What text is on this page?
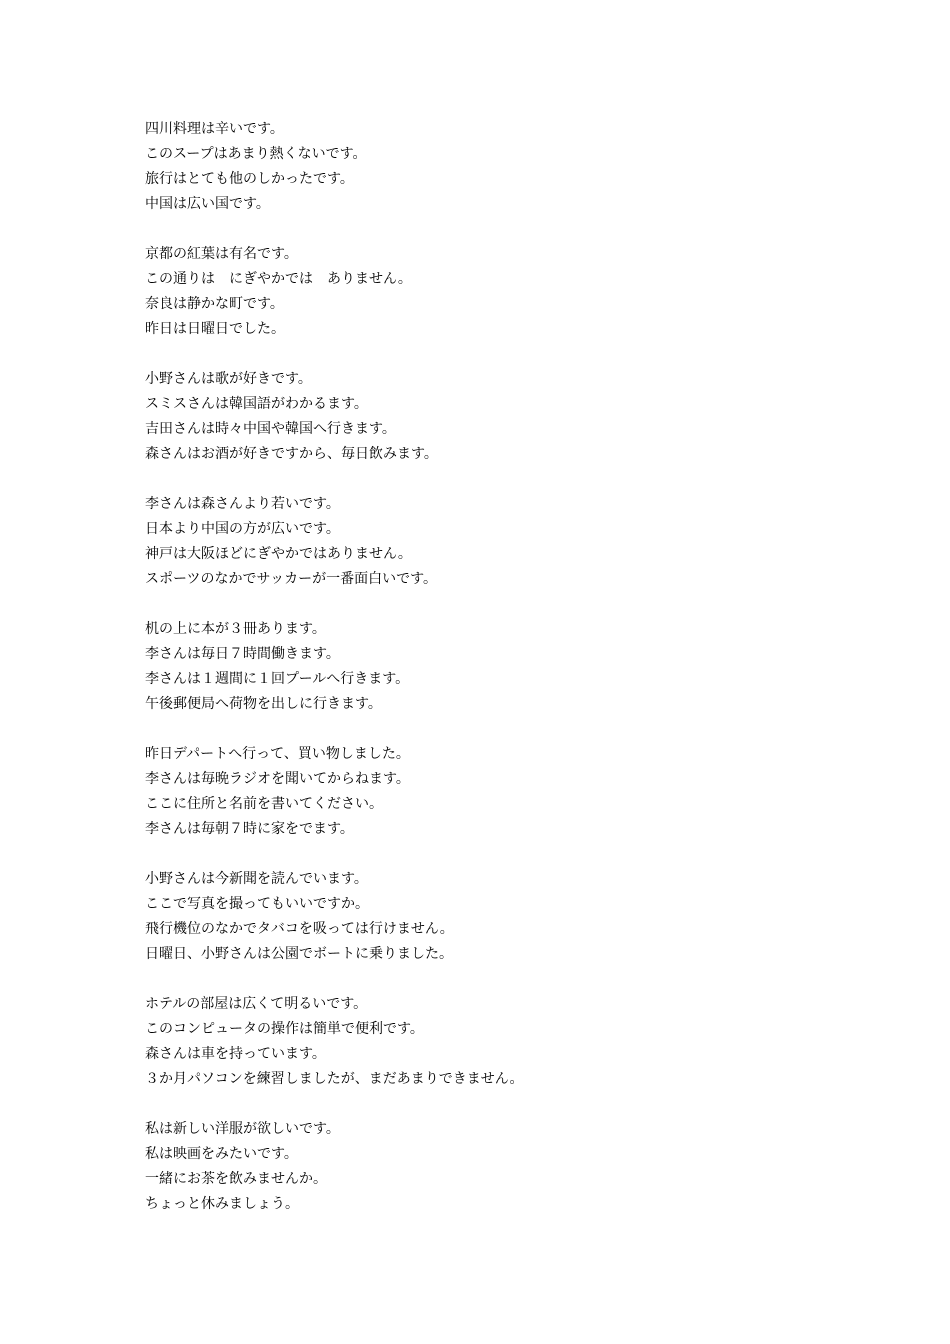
四川料理は辛いです。
このスープはあまり熱くないです。
旅行はとても他のしかったです。
中国は広い国です。
京都の紅葉は有名です。
この通りは　にぎやかでは　ありません。
奈良は静かな町です。
昨日は日曜日でした。
小野さんは歌が好きです。
スミスさんは韓国語がわかるます。
吉田さんは時々中国や韓国へ行きます。
森さんはお酒が好きですから、毎日飲みます。
李さんは森さんより若いです。
日本より中国の方が広いです。
神戸は大阪ほどにぎやかではありません。
スポーツのなかでサッカーが一番面白いです。
机の上に本が３冊あります。
李さんは毎日７時間働きます。
李さんは１週間に１回プールへ行きます。
午後郵便局へ荷物を出しに行きます。
昨日デパートへ行って、買い物しました。
李さんは毎晩ラジオを聞いてからねます。
ここに住所と名前を書いてください。
李さんは毎朝７時に家をでます。
小野さんは今新聞を読んでいます。
ここで写真を撮ってもいいですか。
飛行機位のなかでタバコを吸っては行けません。
日曜日、小野さんは公園でボートに乗りました。
ホテルの部屋は広くて明るいです。
このコンピュータの操作は簡単で便利です。
森さんは車を持っています。
３か月パソコンを練習しましたが、まだあまりできません。
私は新しい洋服が欲しいです。
私は映画をみたいです。
一緒にお茶を飲みませんか。
ちょっと休みましょう。
